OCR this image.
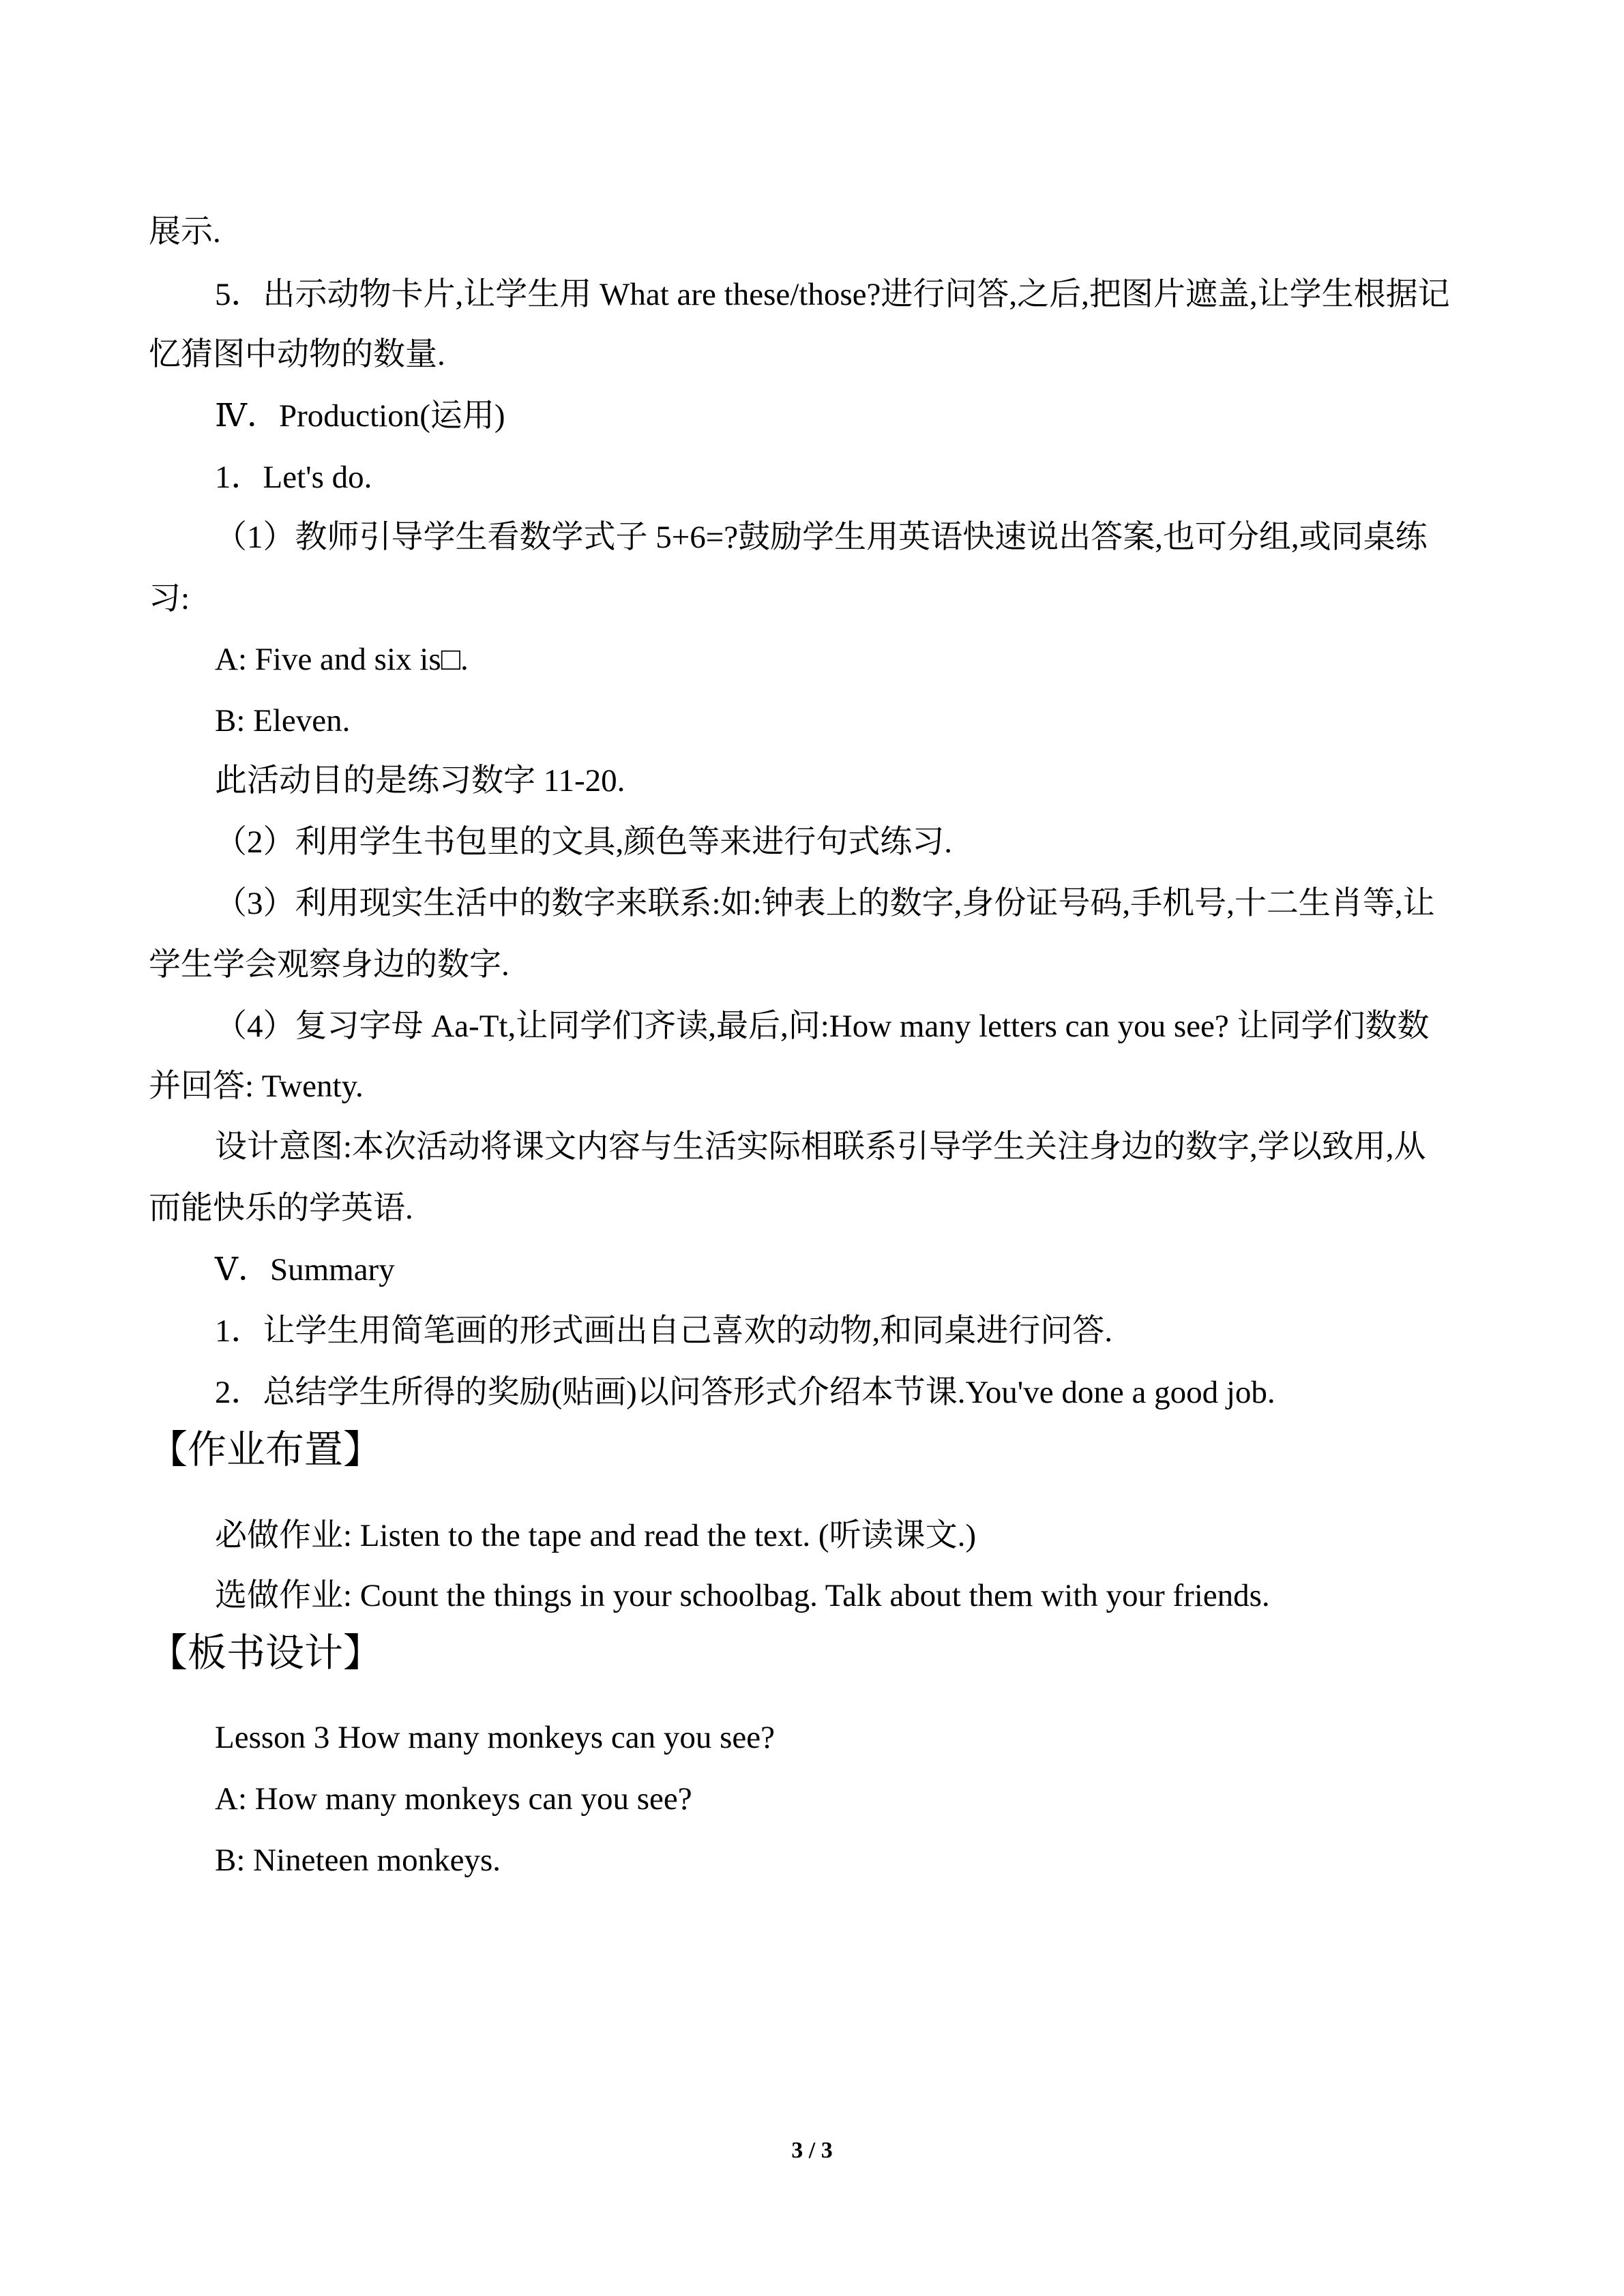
展示.
5．出示动物卡片,让学生用 What are these/those?进行问答,之后,把图片遮盖,让学生根据记
忆猜图中动物的数量.
Ⅳ．Production(运用)
1．Let's do.
（1）教师引导学生看数学式子 5+6=?鼓励学生用英语快速说出答案,也可分组,或同桌练
习:
A: Five and six is□.
B: Eleven.
此活动目的是练习数字 11-20.
（2）利用学生书包里的文具,颜色等来进行句式练习.
（3）利用现实生活中的数字来联系:如:钟表上的数字,身份证号码,手机号,十二生肖等,让
学生学会观察身边的数字.
（4）复习字母 Aa-Tt,让同学们齐读,最后,问:How many letters can you see? 让同学们数数
并回答: Twenty.
设计意图:本次活动将课文内容与生活实际相联系引导学生关注身边的数字,学以致用,从
而能快乐的学英语.
Ⅴ．Summary
1．让学生用简笔画的形式画出自己喜欢的动物,和同桌进行问答.
2．总结学生所得的奖励(贴画)以问答形式介绍本节课.You've done a good job.
【作业布置】
必做作业: Listen to the tape and read the text. (听读课文.)
选做作业: Count the things in your schoolbag. Talk about them with your friends.
【板书设计】
Lesson 3 How many monkeys can you see?
A: How many monkeys can you see?
B: Nineteen monkeys.
3 / 3
